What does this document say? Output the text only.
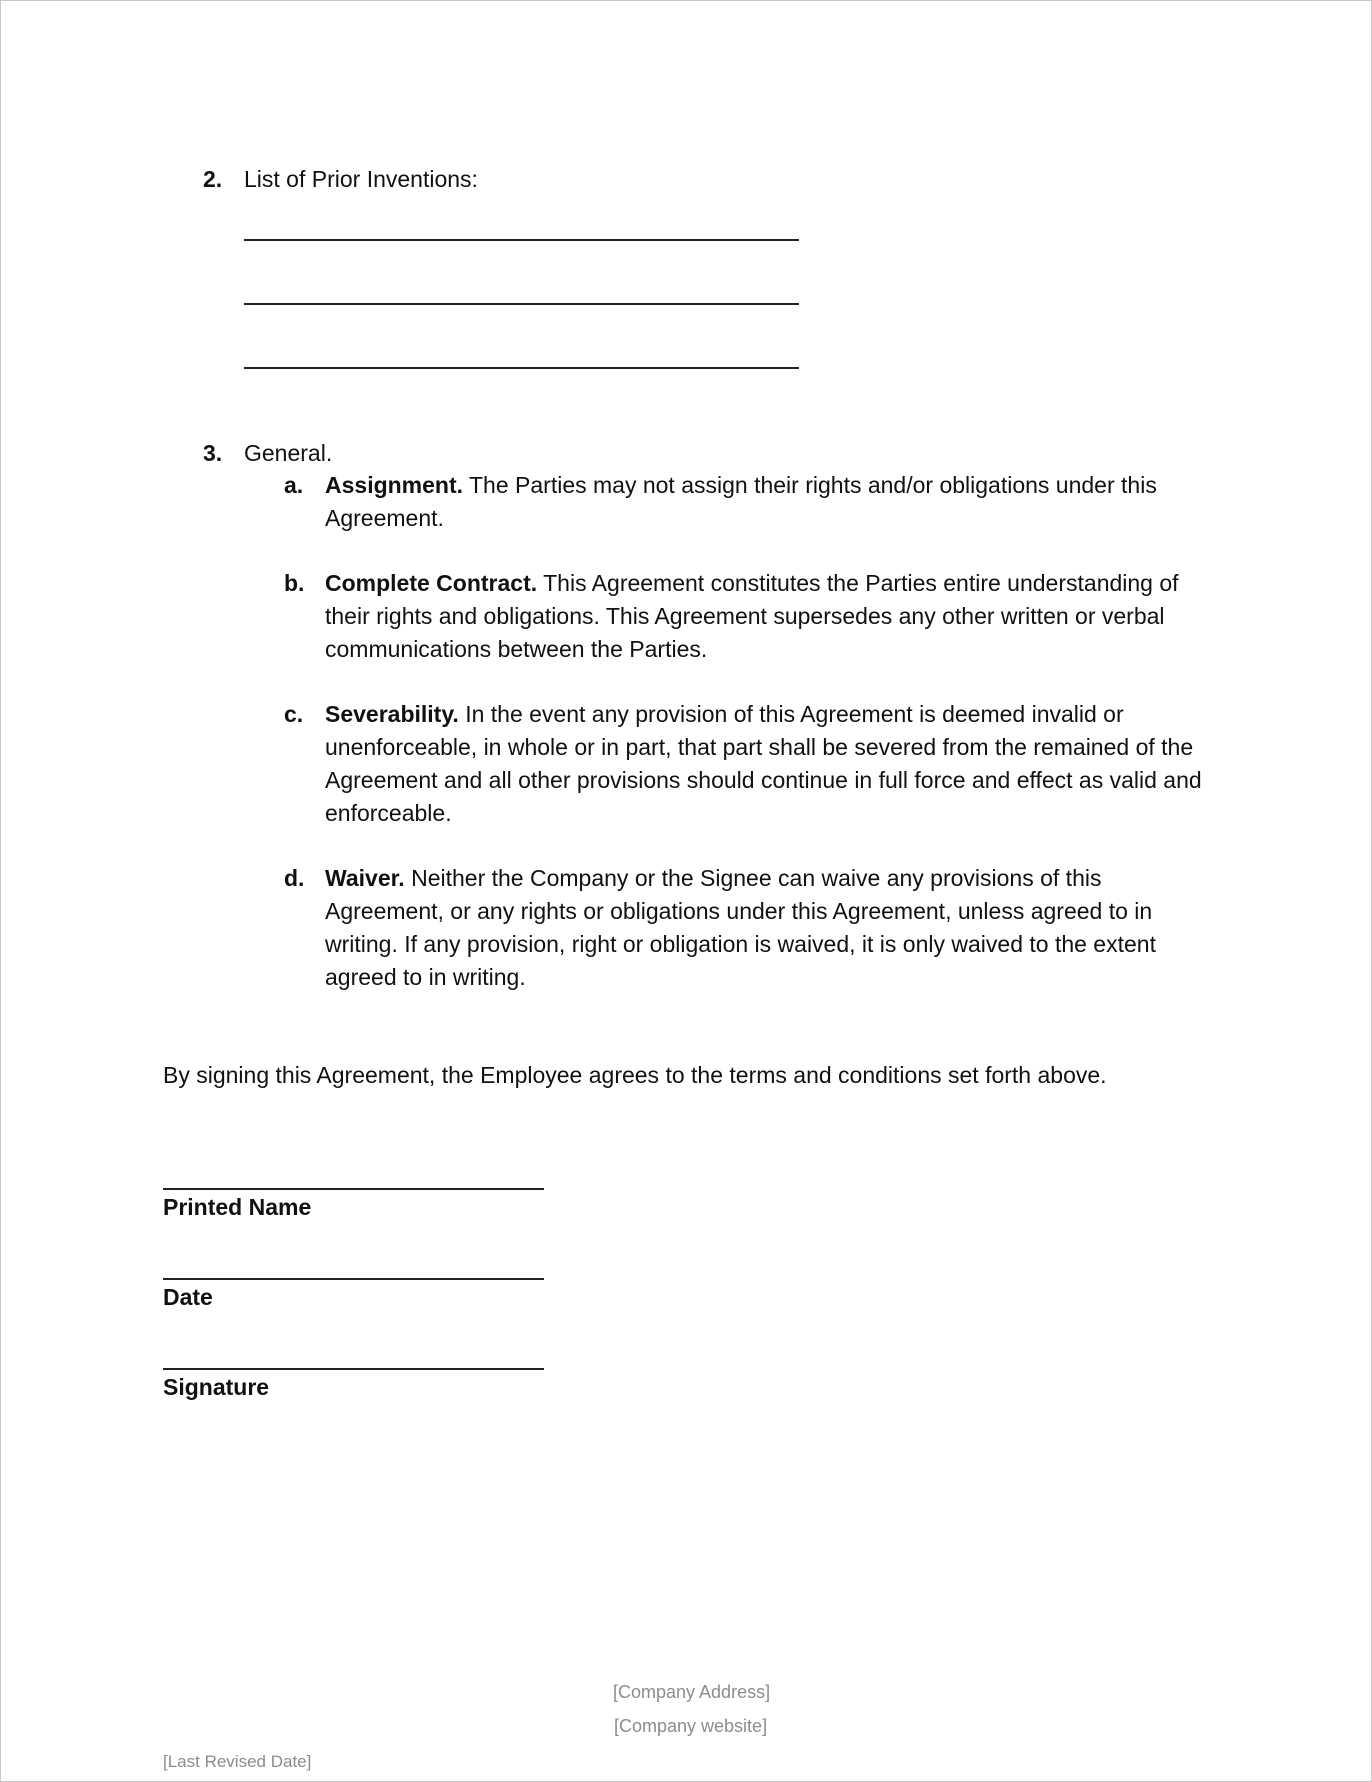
2. List of Prior Inventions:
3. General.
a. Assignment. The Parties may not assign their rights and/or obligations under this Agreement.
b. Complete Contract. This Agreement constitutes the Parties entire understanding of their rights and obligations. This Agreement supersedes any other written or verbal communications between the Parties.
c. Severability. In the event any provision of this Agreement is deemed invalid or unenforceable, in whole or in part, that part shall be severed from the remained of the Agreement and all other provisions should continue in full force and effect as valid and enforceable.
d. Waiver. Neither the Company or the Signee can waive any provisions of this Agreement, or any rights or obligations under this Agreement, unless agreed to in writing. If any provision, right or obligation is waived, it is only waived to the extent agreed to in writing.
By signing this Agreement, the Employee agrees to the terms and conditions set forth above.
Printed Name
Date
Signature
[Company Address]
[Company website]
[Last Revised Date]
